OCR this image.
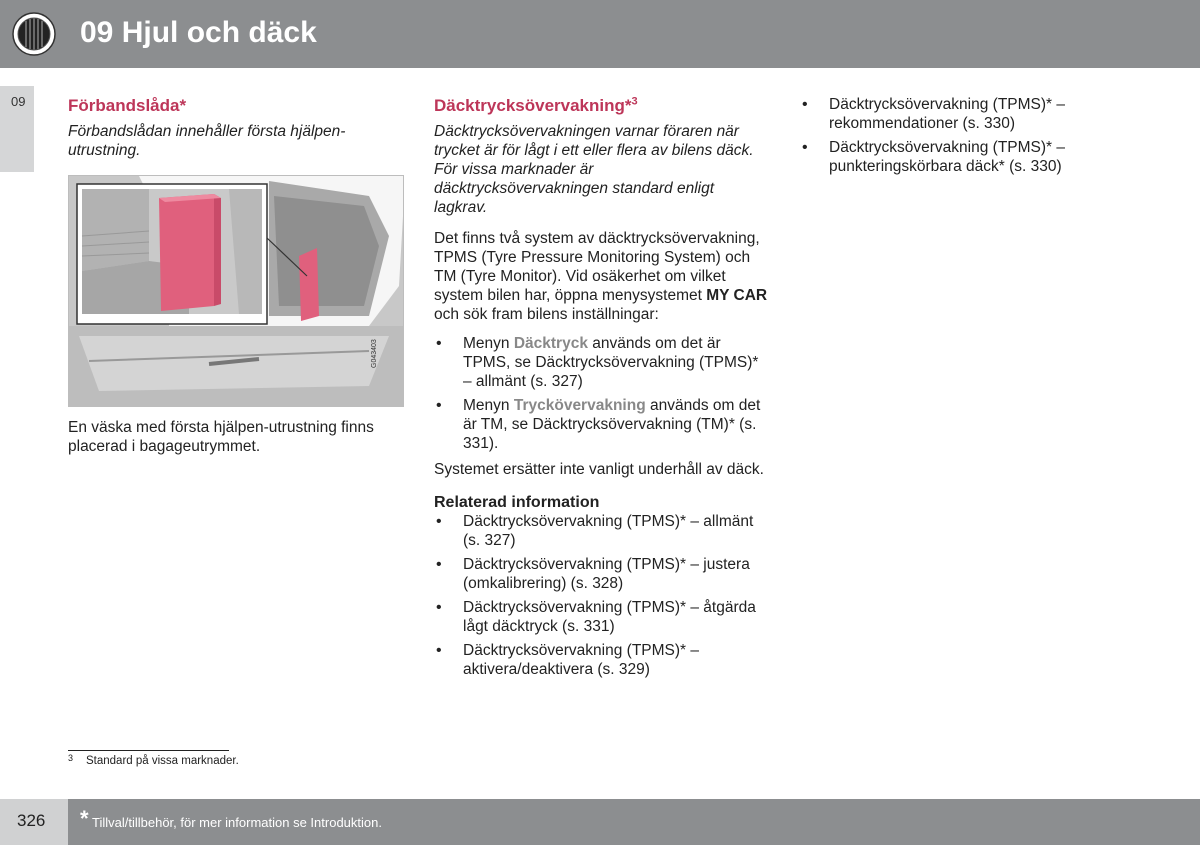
09 Hjul och däck
09	Förbandslåda*

Förbandslådan innehåller första hjälpen-utrustning.

G043403

En väska med första hjälpen-utrustning finns placerad i bagageutrymmet.

Däcktrycksövervakning*$^3$

Däcktrycksövervakningen varnar föraren när trycket är för lågt i ett eller flera av bilens däck. För vissa marknader är däcktrycksövervakningen standard enligt lagkrav.

Det finns två system av däcktrycksövervakning, TPMS (Tyre Pressure Monitoring System) och TM (Tyre Monitor). Vid osäkerhet om vilket system bilen har, öppna menysystemet MY CAR och sök fram bilens inställningar:

• Menyn Däcktryck används om det är TPMS, se Däcktrycksövervakning (TPMS)* – allmänt (s. 327)
• Menyn Tryckövervakning används om det är TM, se Däcktrycksövervakning (TM)* (s. 331).

Systemet ersätter inte vanligt underhåll av däck.

Relaterad information
• Däcktrycksövervakning (TPMS)* – allmänt (s. 327)
• Däcktrycksövervakning (TPMS)* – justera (omkalibrering) (s. 328)
• Däcktrycksövervakning (TPMS)* – åtgärda lågt däcktryck (s. 331)
• Däcktrycksövervakning (TPMS)* – aktivera/deaktivera (s. 329)
• Däcktrycksövervakning (TPMS)* – rekommendationer (s. 330)
• Däcktrycksövervakning (TPMS)* – punkteringskörbara däck* (s. 330)
3 Standard på vissa marknader.
326 * Tillval/tillbehör, för mer information se Introduktion.
